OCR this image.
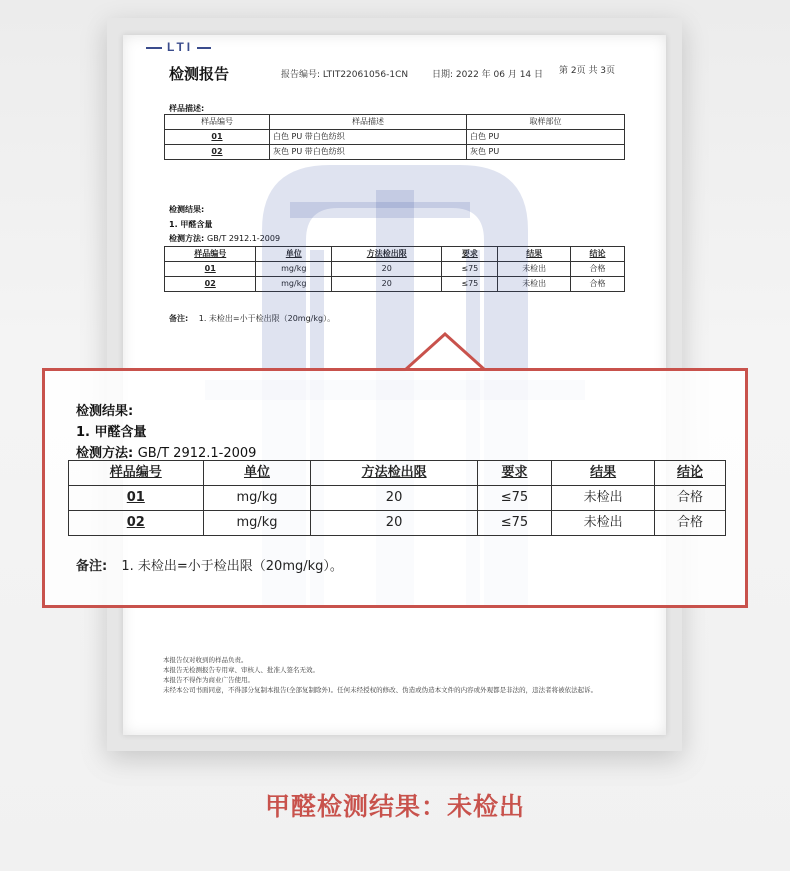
LTI
检测报告	报告编号: LTIT22061056-1CN	日期: 2022 年 06 月 14 日 第 2页 共 3页
样品描述:
样品编号	样品描述	取样部位
01	白色 PU 带白色纺织	白色 PU
02	灰色 PU 带白色纺织	灰色 PU
检测结果:
1. 甲醛含量
检测方法: GB/T 2912.1-2009
样品编号	单位	方法检出限	要求	结果	结论
01	mg/kg	20	≤75	未检出	合格
02	mg/kg	20	≤75	未检出	合格
备注: 1. 未检出=小于检出限（20mg/kg）。
本报告仅对收到的样品负责。
本报告无检测报告专用章、审核人、批准人签名无效。
本报告不得作为商业广告使用。
未经本公司书面同意，不得部分复制本报告(全部复制除外)。任何未经授权的修改、伪造或伪造本文件的内容或外观都是非法的，违法者将被依法起诉。
检测结果:
1. 甲醛含量
检测方法: GB/T 2912.1-2009
样品编号	单位	方法检出限	要求	结果	结论
01	mg/kg	20	≤75	未检出	合格
02	mg/kg	20	≤75	未检出	合格
备注: 1. 未检出=小于检出限（20mg/kg）。
甲醛检测结果：未检出
